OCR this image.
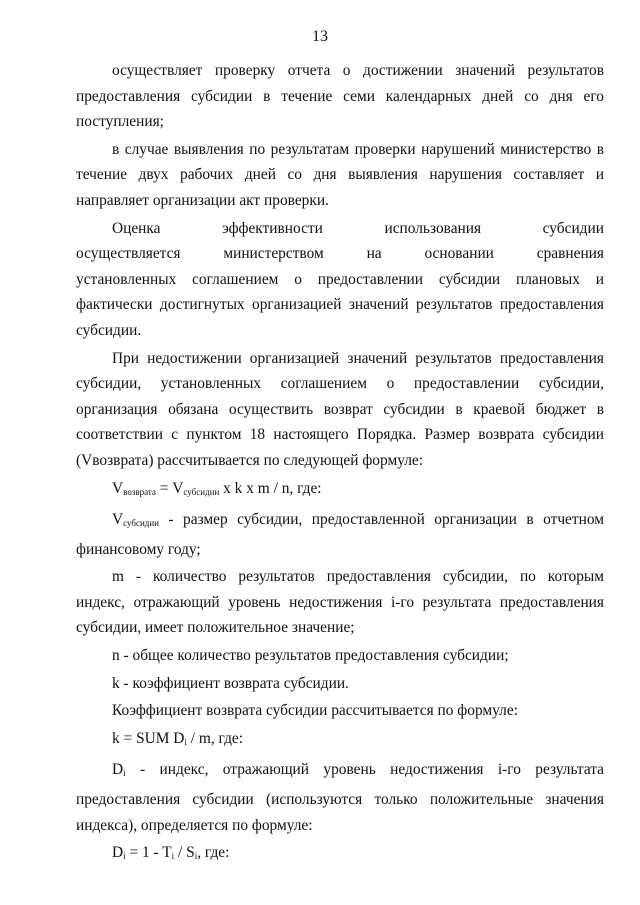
13

осуществляет проверку отчета о достижении значений результатов
предоставления субсидии в течение семи календарных дней со дня его
поступления;

в случае выявления по результатам проверки нарушений министерство в
течение двух рабочих дней со дня выявления нарушения составляет и
направляет организации акт проверки.

Оценка эффективности использования субсидии
осуществляется министерством на основании сравнения
установленных соглашением о предоставлении субсидии плановых и
фактически достигнутых организацией значений результатов предоставления
субсидии.

При недостижении организацией значений результатов предоставления
субсидии, установленных соглашением о предоставлении субсидии,
организация обязана осуществить возврат субсидии в краевой бюджет в
соответствии с пунктом 18 настоящего Порядка. Размер возврата субсидии
(Vвозврата) рассчитывается по следующей формуле:

$V_{возврата} = V_{субсидии}$ x k x m / n, где:

$V_{субсидии}$ - размер субсидии, предоставленной организации в отчетном
финансовому году;

m - количество результатов предоставления субсидии, по которым
индекс, отражающий уровень недостижения i-го результата предоставления
субсидии, имеет положительное значение;

n - общее количество результатов предоставления субсидии;

k - коэффициент возврата субсидии.

Коэффициент возврата субсидии рассчитывается по формуле:

k = SUM $D_i$ / m, где:

$D_i$ - индекс, отражающий уровень недостижения i-го результата
предоставления субсидии (используются только положительные значения
индекса), определяется по формуле:

$D_i = 1 - T_i / S_i$, где:
